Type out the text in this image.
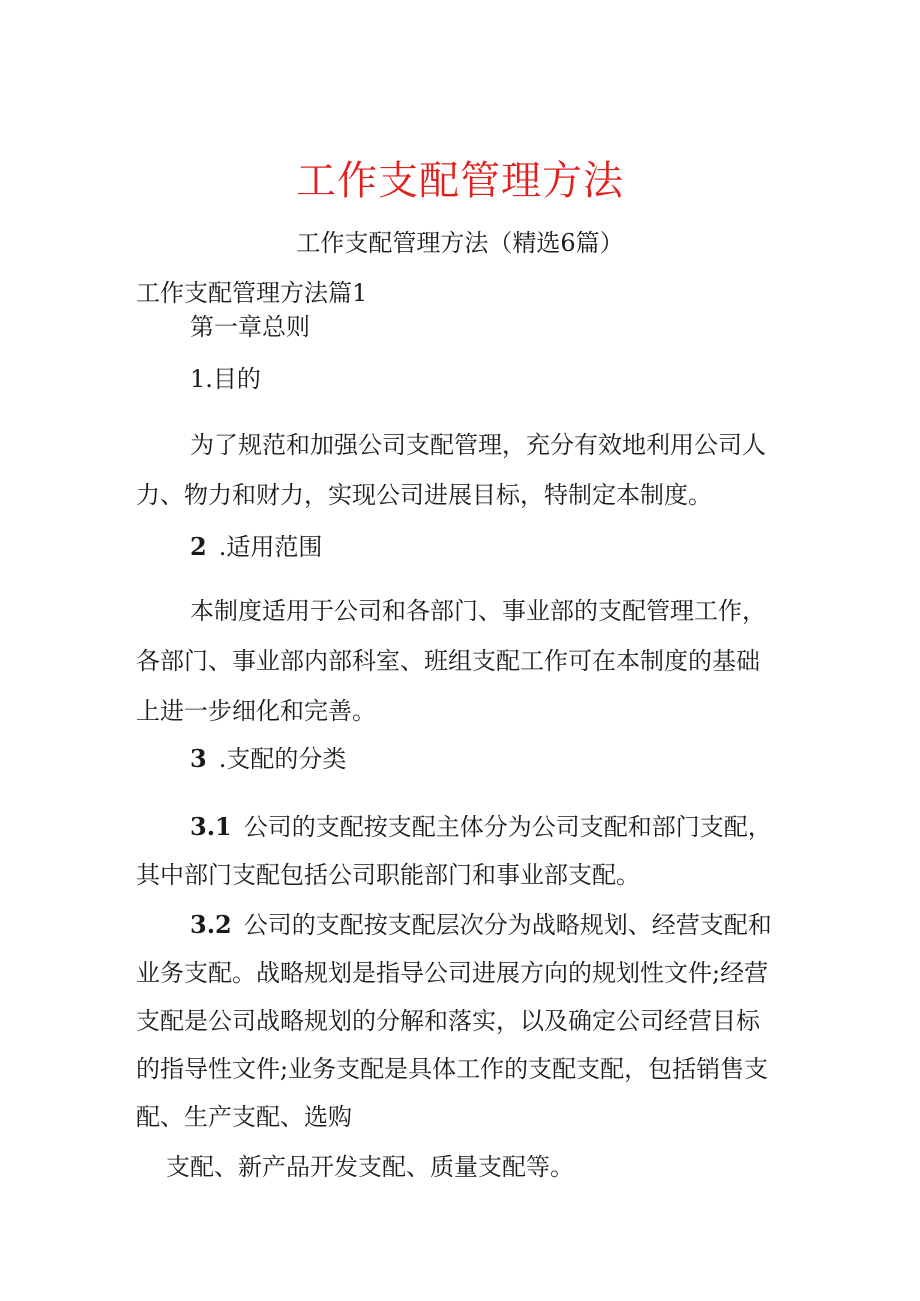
工作支配管理方法
工作支配管理方法（精选6篇）
工作支配管理方法篇1
第一章总则
1.目的
为了规范和加强公司支配管理，充分有效地利用公司人
力、物力和财力，实现公司进展目标，特制定本制度。
2 .适用范围
本制度适用于公司和各部门、事业部的支配管理工作，
各部门、事业部内部科室、班组支配工作可在本制度的基础
上进一步细化和完善。
3 .支配的分类
3.1 公司的支配按支配主体分为公司支配和部门支配，
其中部门支配包括公司职能部门和事业部支配。
3.2 公司的支配按支配层次分为战略规划、经营支配和
业务支配。战略规划是指导公司进展方向的规划性文件;经营
支配是公司战略规划的分解和落实，以及确定公司经营目标
的指导性文件;业务支配是具体工作的支配支配，包括销售支
配、生产支配、选购
支配、新产品开发支配、质量支配等。
